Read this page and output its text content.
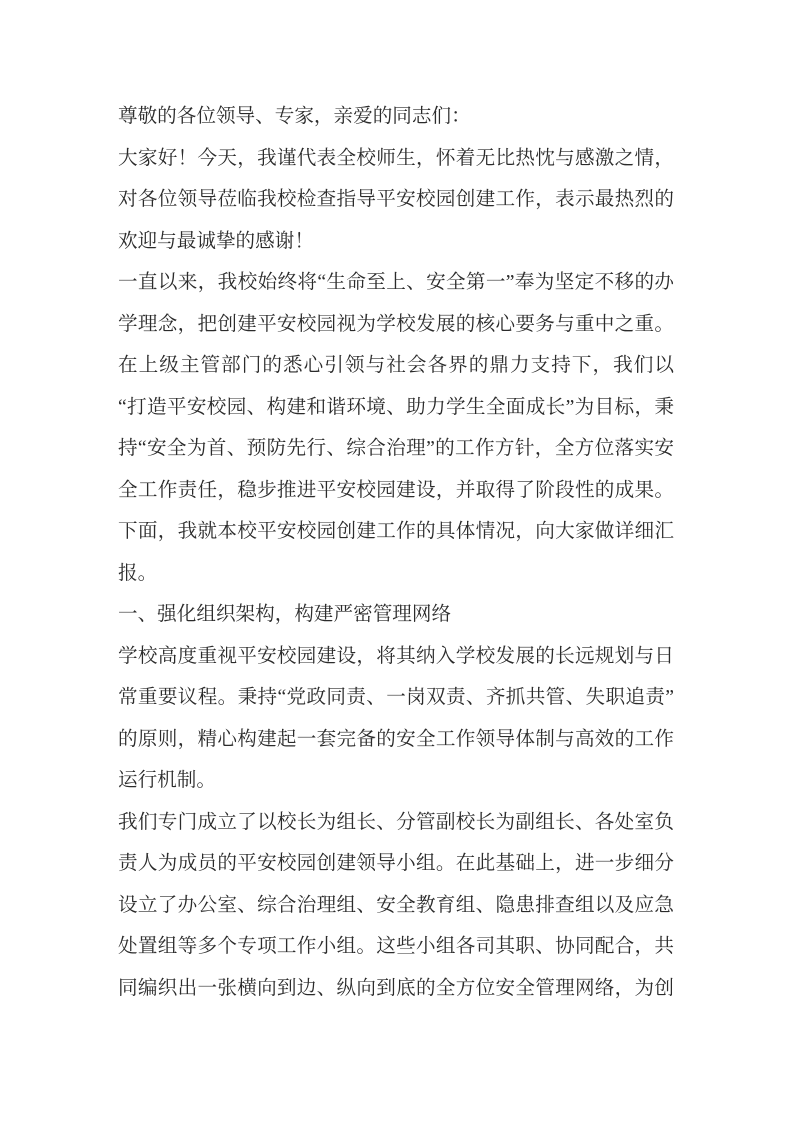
尊敬的各位领导、专家，亲爱的同志们：

大家好！今天，我谨代表全校师生，怀着无比热忱与感激之情，
对各位领导莅临我校检查指导平安校园创建工作，表示最热烈的
欢迎与最诚挚的感谢！

一直以来，我校始终将“生命至上、安全第一”奉为坚定不移的办
学理念，把创建平安校园视为学校发展的核心要务与重中之重。
在上级主管部门的悉心引领与社会各界的鼎力支持下，我们以
“打造平安校园、构建和谐环境、助力学生全面成长”为目标，秉
持“安全为首、预防先行、综合治理”的工作方针，全方位落实安
全工作责任，稳步推进平安校园建设，并取得了阶段性的成果。
下面，我就本校平安校园创建工作的具体情况，向大家做详细汇
报。

一、强化组织架构，构建严密管理网络

学校高度重视平安校园建设，将其纳入学校发展的长远规划与日
常重要议程。秉持“党政同责、一岗双责、齐抓共管、失职追责”
的原则，精心构建起一套完备的安全工作领导体制与高效的工作
运行机制。

我们专门成立了以校长为组长、分管副校长为副组长、各处室负
责人为成员的平安校园创建领导小组。在此基础上，进一步细分
设立了办公室、综合治理组、安全教育组、隐患排查组以及应急
处置组等多个专项工作小组。这些小组各司其职、协同配合，共
同编织出一张横向到边、纵向到底的全方位安全管理网络，为创
